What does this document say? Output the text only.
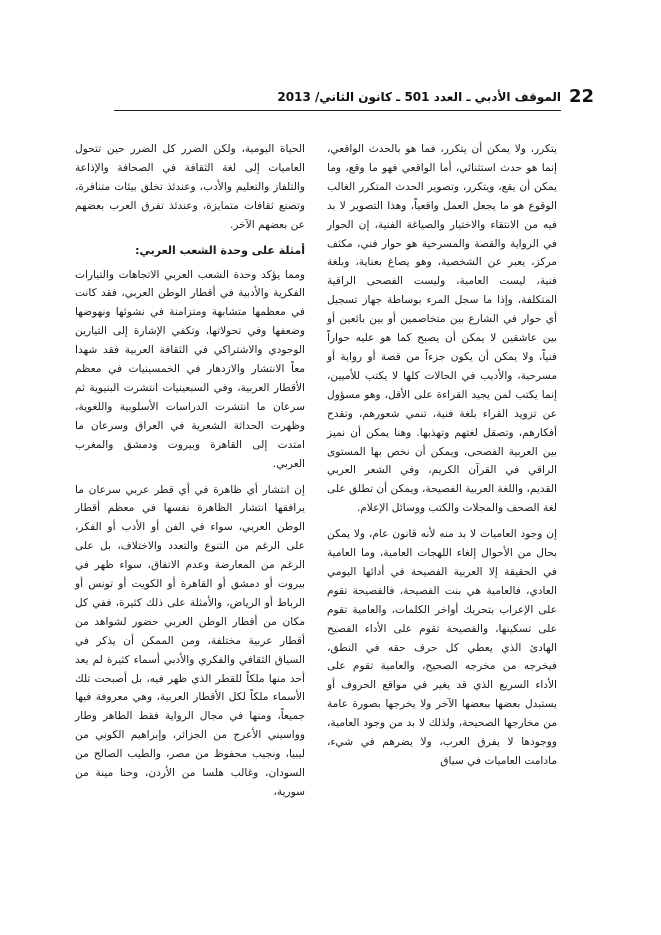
22
الموقف الأدبي ـ العدد 501 ـ كانون الثاني/ 2013

يتكرر، ولا يمكن أن يتكرر، فما هو بالحدث الواقعي، إنما هو حدث استثنائي، أما الواقعي فهو ما وقع، وما يمكن أن يقع، ويتكرر، وتصوير الحدث المتكرر الغالب الوقوع هو ما يجعل العمل واقعياً، وهذا التصوير لا بد فيه من الانتقاء والاختيار والصياغة الفنية، إن الحوار في الرواية والقصة والمسرحية هو حوار فني، مكثف مركز، يعبر عن الشخصية، وهو يصاغ بعناية، وبلغة فنية، ليست العامية، وليست الفصحى الراقية المتكلفة، وإذا ما سجل المرء بوساطة جهاز تسجيل أي حوار في الشارع بين متخاصمين أو بين بائعين أو بين عاشقين لا يمكن أن يصبح كما هو عليه حواراً فنياً، ولا يمكن أن يكون جزءاً من قصة أو رواية أو مسرحية، والأديب في الحالات كلها لا يكتب للأميين، إنما يكتب لمن يجيد القراءة على الأقل، وهو مسؤول عن تزويد القراء بلغة فنية، تنمي شعورهم، وتقدح أفكارهم، وتصقل لغتهم وتهذبها. وهنا يمكن أن نميز بين العربية الفصحى، ويمكن أن نخص بها المستوى الراقي في القرآن الكريم، وفي الشعر العربي القديم، واللغة العربية الفصيحة، ويمكن أن تطلق على لغة الصحف والمجلات والكتب ووسائل الإعلام.

إن وجود العاميات لا بد منه لأنه قانون عام، ولا يمكن بحال من الأحوال إلغاء اللهجات العامية، وما العامية في الحقيقة إلا العربية الفصيحة في أدائها اليومي العادي، فالعامية هي بنت الفصيحة، فالفصيحة تقوم على الإعراب بتحريك أواخر الكلمات، والعامية تقوم على تسكينها، والفصيحة تقوم على الأداء الفصيح الهادئ الذي يعطي كل حرف حقه في النطق، فيخرجه من مخرجه الصحيح، والعامية تقوم على الأداء السريع الذي قد يغير في مواقع الحروف أو يستبدل بعضها ببعضها الآخر ولا يخرجها بصورة عامة من مخارجها الصحيحة، ولذلك لا بد من وجود العامية، ووجودها لا يفرق العرب، ولا يضرهم في شيء، مادامت العاميات في سياق

الحياة اليومية، ولكن الضرر كل الضرر حين تتحول العاميات إلى لغة الثقافة في الصحافة والإذاعة والتلفاز والتعليم والأدب، وعندئذ تخلق بيئات متنافرة، وتصنع ثقافات متمايزة، وعندئذ تفرق العرب بعضهم عن بعضهم الآخر.

أمثلة على وحدة الشعب العربي:

ومما يؤكد وحدة الشعب العربي الاتجاهات والتيارات الفكرية والأدبية في أقطار الوطن العربي، فقد كانت في معظمها متشابهة ومتزامنة في نشوئها ونهوضها وضعفها وفي تحولاتها، وتكفي الإشارة إلى التيارين الوجودي والاشتراكي في الثقافة العربية فقد شهدا معاً الانتشار والازدهار في الخمسينيات في معظم الأقطار العربية، وفي السبعينيات انتشرت البنيوية ثم سرعان ما انتشرت الدراسات الأسلوبية واللغوية، وظهرت الحداثة الشعرية في العراق وسرعان ما امتدت إلى القاهرة وبيروت ودمشق والمغرب العربي.

إن انتشار أي ظاهرة في أي قطر عربي سرعان ما يرافقها انتشار الظاهرة نفسها في معظم أقطار الوطن العربي، سواء في الفن أو الأدب أو الفكر، على الرغم من التنوع والتعدد والاختلاف، بل على الرغم من المعارضة وعدم الاتفاق، سواء ظهر في بيروت أو دمشق أو القاهرة أو الكويت أو تونس أو الرباط أو الرياض، والأمثلة على ذلك كثيرة، ففي كل مكان من أقطار الوطن العربي حضور لشواهد من أقطار عربية مختلفة، ومن الممكن أن يذكر في السياق الثقافي والفكري والأدبي أسماء كثيرة لم يعد أحد منها ملكاً للقطر الذي ظهر فيه، بل أصبحت تلك الأسماء ملكاً لكل الأقطار العربية، وهي معروفة فيها جميعاً، ومنها في مجال الرواية فقط الطاهر وطار وواسيني الأعرج من الجزائر، وإبراهيم الكوني من ليبيا، ونجيب محفوظ من مصر، والطيب الصالح من السودان، وغالب هلسا من الأردن، وحنا مينة من سورية،
